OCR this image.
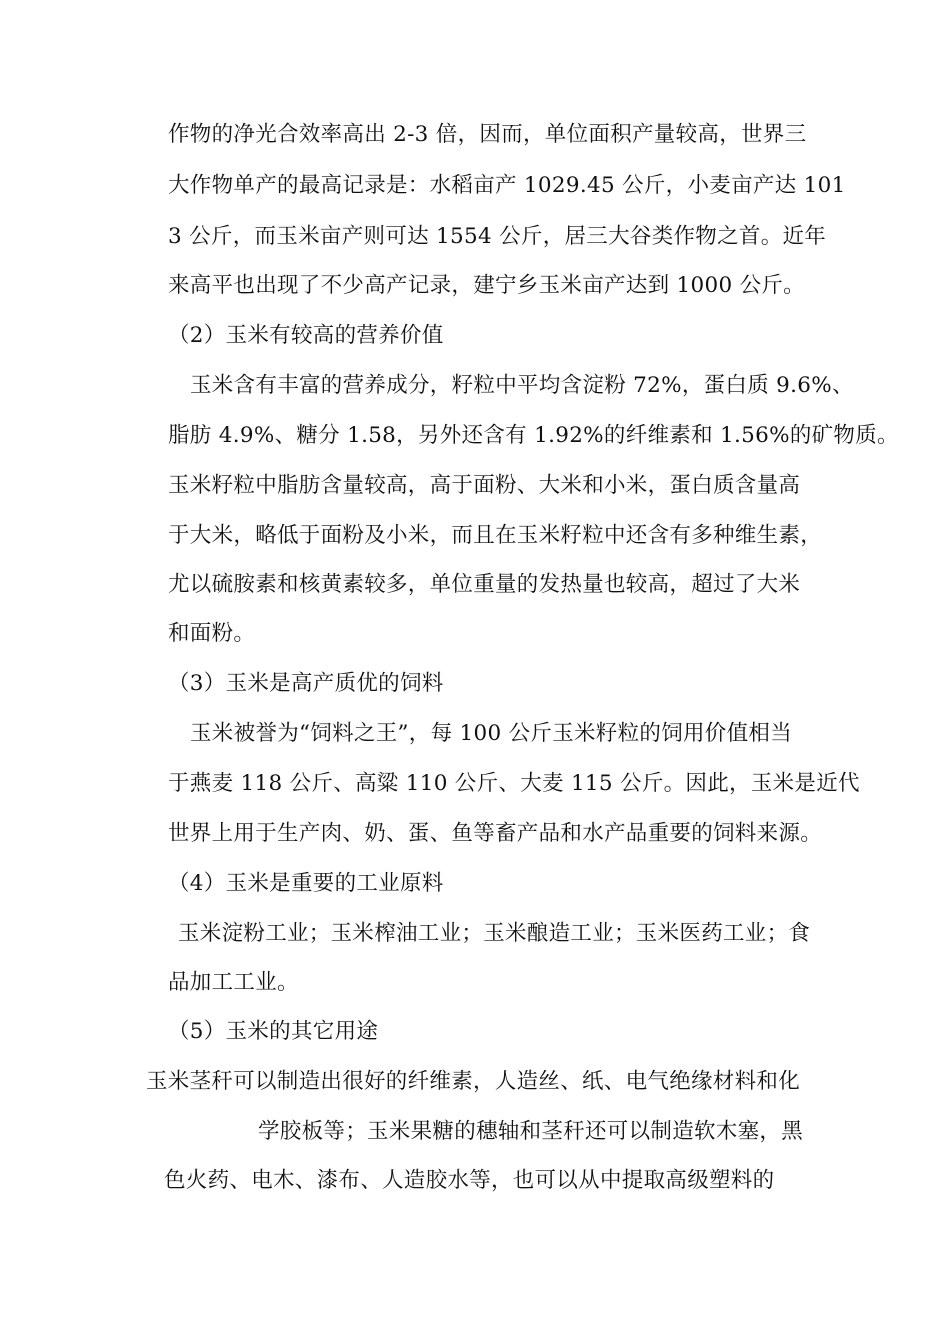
作物的净光合效率高出 2-3 倍，因而，单位面积产量较高，世界三
大作物单产的最高记录是：水稻亩产 1029.45 公斤，小麦亩产达 101
3 公斤，而玉米亩产则可达 1554 公斤，居三大谷类作物之首。近年
来高平也出现了不少高产记录，建宁乡玉米亩产达到 1000 公斤。
（2）玉米有较高的营养价值
玉米含有丰富的营养成分，籽粒中平均含淀粉 72%，蛋白质 9.6%、
脂肪 4.9%、糖分 1.58，另外还含有 1.92%的纤维素和 1.56%的矿物质。
玉米籽粒中脂肪含量较高，高于面粉、大米和小米，蛋白质含量高
于大米，略低于面粉及小米，而且在玉米籽粒中还含有多种维生素，
尤以硫胺素和核黄素较多，单位重量的发热量也较高，超过了大米
和面粉。
（3）玉米是高产质优的饲料
玉米被誉为“饲料之王”，每 100 公斤玉米籽粒的饲用价值相当
于燕麦 118 公斤、高粱 110 公斤、大麦 115 公斤。因此，玉米是近代
世界上用于生产肉、奶、蛋、鱼等畜产品和水产品重要的饲料来源。
（4）玉米是重要的工业原料
玉米淀粉工业；玉米榨油工业；玉米酿造工业；玉米医药工业；食
品加工工业。
（5）玉米的其它用途
玉米茎秆可以制造出很好的纤维素，人造丝、纸、电气绝缘材料和化
学胶板等；玉米果糖的穗轴和茎秆还可以制造软木塞，黑
色火药、电木、漆布、人造胶水等，也可以从中提取高级塑料的
